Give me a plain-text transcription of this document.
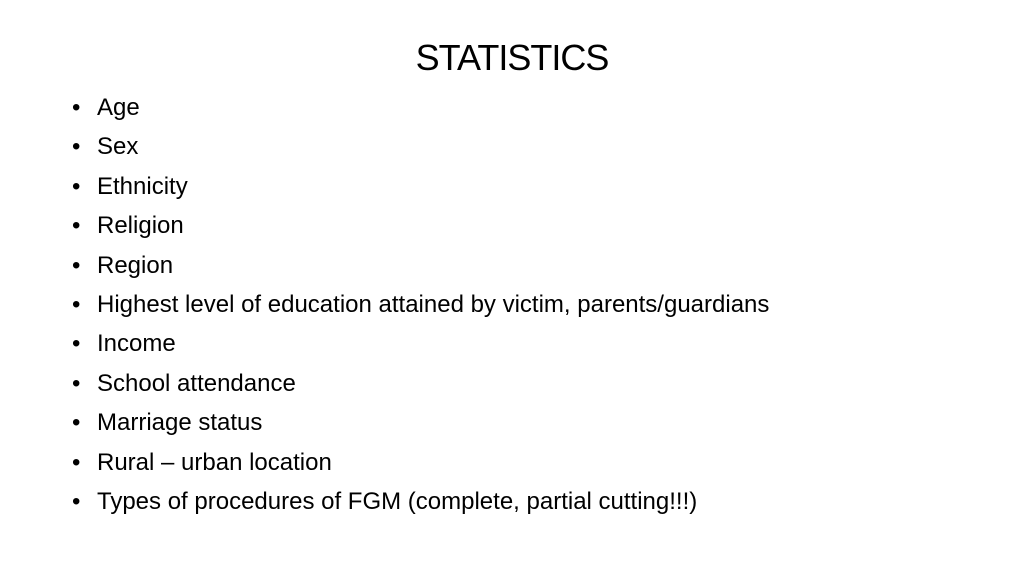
STATISTICS
• Age
• Sex
• Ethnicity
• Religion
• Region
• Highest level of education attained by victim, parents/guardians
• Income
• School attendance
• Marriage status
• Rural – urban location
• Types of procedures of FGM (complete, partial cutting!!!)
